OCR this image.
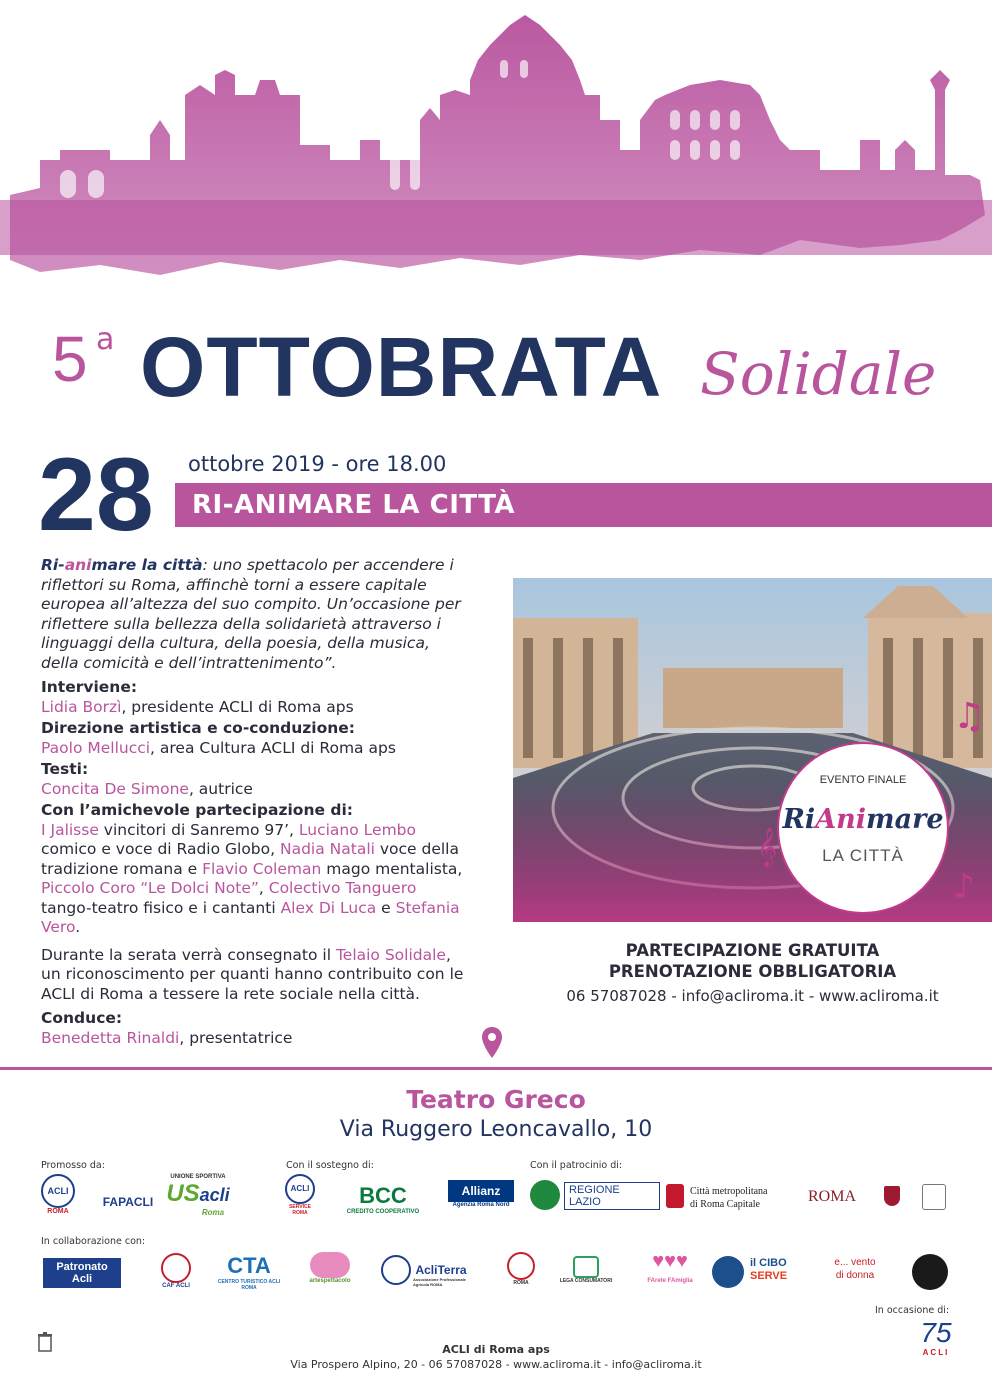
5 a OTTOBRATA Solidale
28 ottobre 2019 - ore 18.00
RI-ANIMARE LA CITTÀ
Ri-animare la città: uno spettacolo per accendere i riflettori su Roma, affinchè torni a essere capitale europea all’altezza del suo compito. Un’occasione per riflettere sulla bellezza della solidarietà attraverso i linguaggi della cultura, della poesia, della musica, della comicità e dell’intrattenimento”.
Interviene:
Lidia Borzì, presidente ACLI di Roma aps
Direzione artistica e co-conduzione:
Paolo Mellucci, area Cultura ACLI di Roma aps
Testi:
Concita De Simone, autrice
Con l’amichevole partecipazione di:
I Jalisse vincitori di Sanremo 97’, Luciano Lembo comico e voce di Radio Globo, Nadia Natali voce della tradizione romana e Flavio Coleman mago mentalista, Piccolo Coro “Le Dolci Note”, Colectivo Tanguero tango-teatro fisico e i cantanti Alex Di Luca e Stefania Vero.
Durante la serata verrà consegnato il Telaio Solidale, un riconoscimento per quanti hanno contribuito con le ACLI di Roma a tessere la rete sociale nella città.
Conduce:
Benedetta Rinaldi, presentatrice
EVENTO FINALE
RiAnimare
LA CITTÀ
♫
♪
𝄞
PARTECIPAZIONE GRATUITA
PRENOTAZIONE OBBLIGATORIA
06 57087028 - info@acliroma.it - www.acliroma.it
Teatro Greco
Via Ruggero Leoncavallo, 10
Promosso da:	Con il sostegno di:	Con il patrocinio di:
In collaborazione con:
In occasione di:
ACLI
ROMA
FAPACLI
UNIONE SPORTIVA
USacli
Roma
ACLI
SERVICE ROMA
BCC
CREDITO COOPERATIVO
Allianz
Agenzia Roma Nord
REGIONE
LAZIO
Città metropolitana
di Roma Capitale	ROMA
Patronato
Acli
CAF ACLI
CTA
CENTRO TURISTICO ACLI ROMA
artespettacolo
AcliTerra
Associazione Professionale Agricola ROMA	ROMA	LEGA CONSUMATORI
♥♥♥
FArete FAmiglia
il CIBO
SERVE
e... vento
di donna
75
ACLI
ACLI di Roma aps
Via Prospero Alpino, 20 - 06 57087028 - www.acliroma.it - info@acliroma.it
